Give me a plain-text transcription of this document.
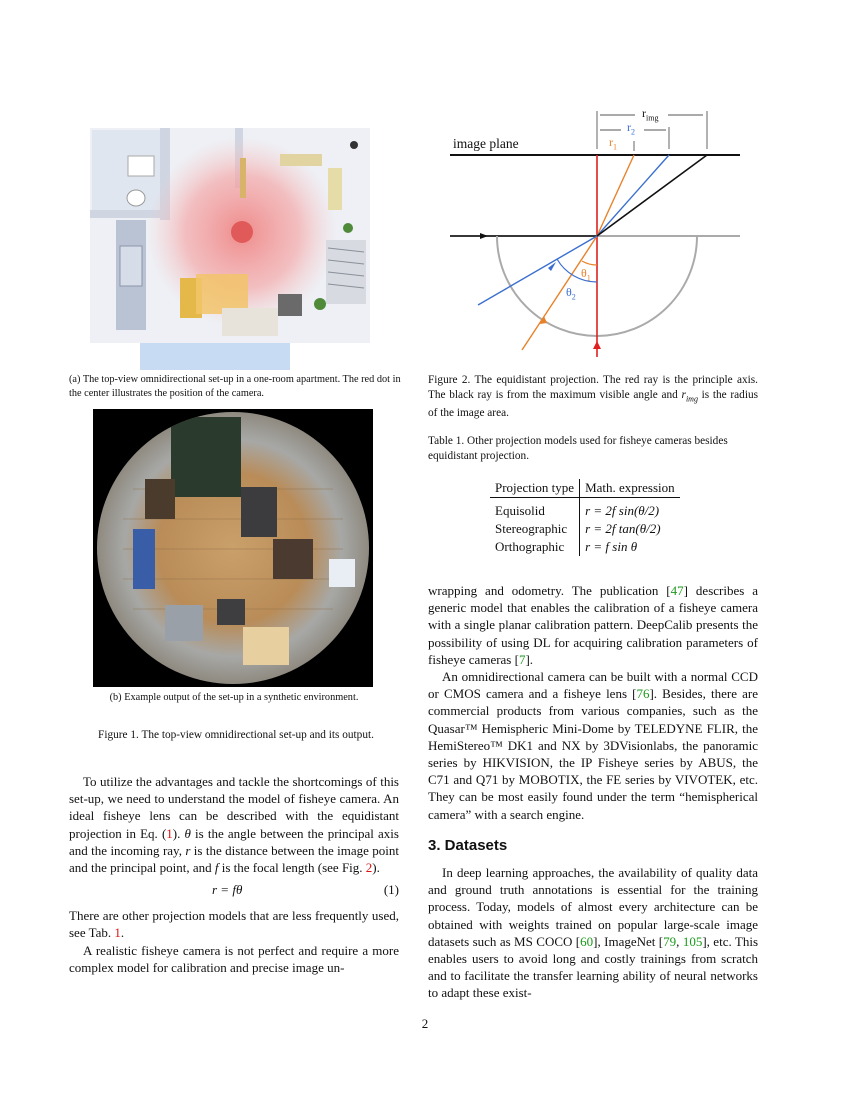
(a) The top-view omnidirectional set-up in a one-room apartment. The red dot in the center illustrates the position of the camera.
(b) Example output of the set-up in a synthetic environment.
Figure 1. The top-view omnidirectional set-up and its output.
image plane
$r_{img}$
$r_2$
$r_1$
$\theta_1$
$\theta_2$
Figure 2. The equidistant projection. The red ray is the principle axis. The black ray is from the maximum visible angle and $r_{img}$ is the radius of the image area.
Table 1. Other projection models used for fisheye cameras besides equidistant projection.
Projection type	Math. expression
Equisolid	r = 2f sin(θ/2)
Stereographic	r = 2f tan(θ/2)
Orthographic	r = f sin θ

To utilize the advantages and tackle the shortcomings of this set-up, we need to understand the model of fisheye camera. An ideal fisheye lens can be described with the equidistant projection in Eq. (1). θ is the angle between the principal axis and the incoming ray, r is the distance between the image point and the principal point, and f is the focal length (see Fig. 2).

r = fθ	(1)

There are other projection models that are less frequently used, see Tab. 1.

A realistic fisheye camera is not perfect and require a more complex model for calibration and precise image un-

wrapping and odometry. The publication [47] describes a generic model that enables the calibration of a fisheye camera with a single planar calibration pattern. DeepCalib presents the possibility of using DL for acquiring calibration parameters of fisheye cameras [7].

An omnidirectional camera can be built with a normal CCD or CMOS camera and a fisheye lens [76]. Besides, there are commercial products from various companies, such as the Quasar™ Hemispheric Mini-Dome by TELEDYNE FLIR, the HemiStereo™ DK1 and NX by 3DVisionlabs, the panoramic series by HIKVISION, the IP Fisheye series by ABUS, the C71 and Q71 by MOBOTIX, the FE series by VIVOTEK, etc. They can be most easily found under the term “hemispherical camera” with a search engine.

3. Datasets

In deep learning approaches, the availability of quality data and ground truth annotations is essential for the training process. Today, models of almost every architecture can be obtained with weights trained on popular large-scale image datasets such as MS COCO [60], ImageNet [79, 105], etc. This enables users to avoid long and costly trainings from scratch and to facilitate the transfer learning ability of neural networks to adapt these exist-

2
